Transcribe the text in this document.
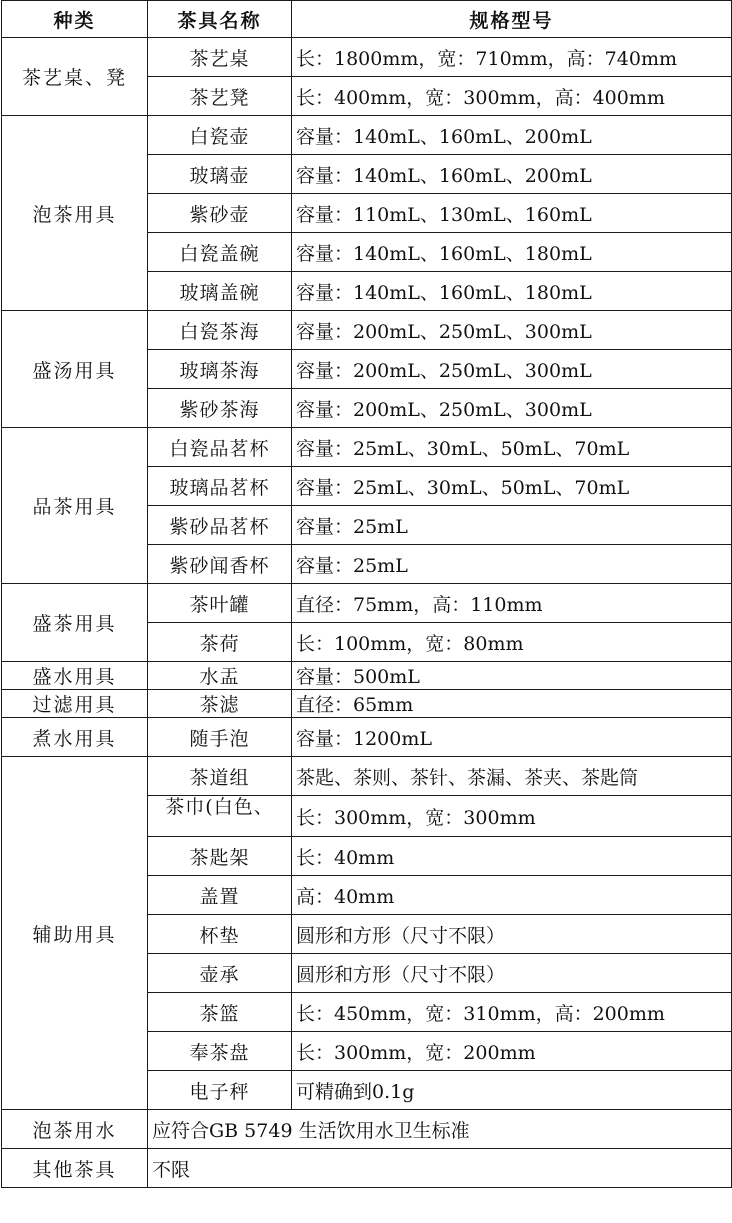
种类	茶具名称	规格型号
茶艺桌、凳	茶艺桌	长：1800mm，宽：710mm，高：740mm
	茶艺凳	长：400mm，宽：300mm，高：400mm
泡茶用具	白瓷壶	容量：140mL、160mL、200mL
	玻璃壶	容量：140mL、160mL、200mL
	紫砂壶	容量：110mL、130mL、160mL
	白瓷盖碗	容量：140mL、160mL、180mL
	玻璃盖碗	容量：140mL、160mL、180mL
盛汤用具	白瓷茶海	容量：200mL、250mL、300mL
	玻璃茶海	容量：200mL、250mL、300mL
	紫砂茶海	容量：200mL、250mL、300mL
品茶用具	白瓷品茗杯	容量：25mL、30mL、50mL、70mL
	玻璃品茗杯	容量：25mL、30mL、50mL、70mL
	紫砂品茗杯	容量：25mL
	紫砂闻香杯	容量：25mL
盛茶用具	茶叶罐	直径：75mm，高：110mm
	茶荷	长：100mm，宽：80mm
盛水用具	水盂	容量：500mL
过滤用具	茶滤	直径：65mm
煮水用具	随手泡	容量：1200mL
辅助用具	茶道组	茶匙、茶则、茶针、茶漏、茶夹、茶匙筒
	茶巾(白色、	长：300mm，宽：300mm
	茶匙架	长：40mm
	盖置	高：40mm
	杯垫	圆形和方形（尺寸不限）
	壶承	圆形和方形（尺寸不限）
	茶篮	长：450mm，宽：310mm，高：200mm
	奉茶盘	长：300mm，宽：200mm
	电子秤	可精确到0.1g
泡茶用水	应符合GB 5749 生活饮用水卫生标准	
其他茶具	不限	
